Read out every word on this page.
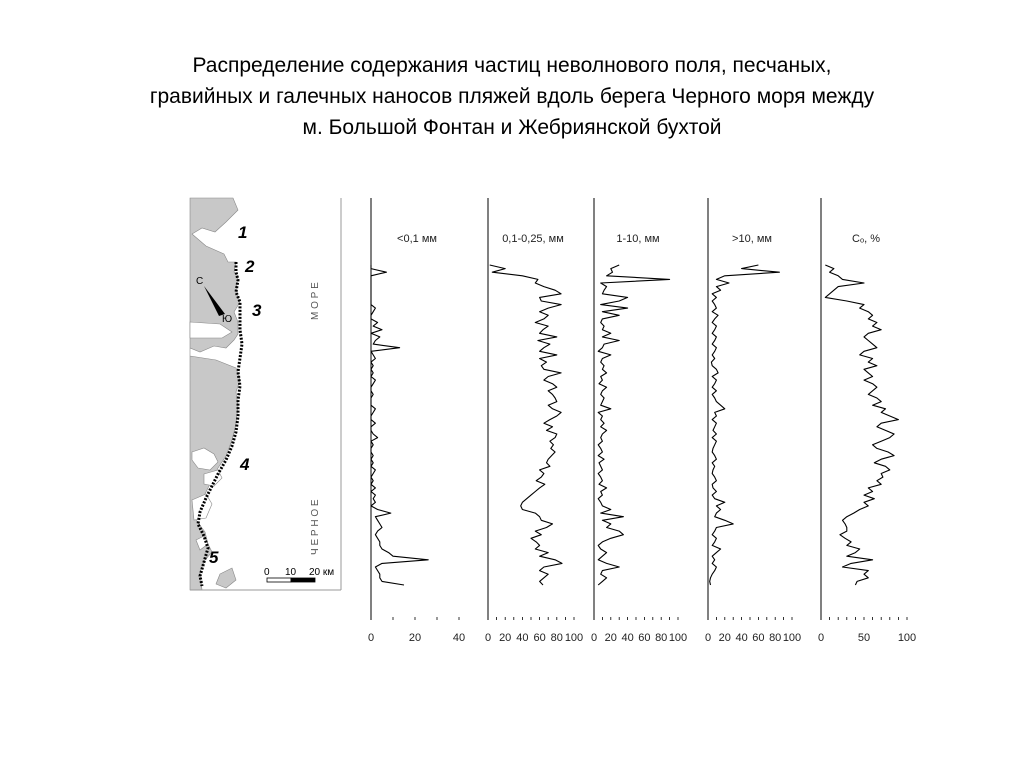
Распределение содержания частиц неволнового поля, песчаных,
гравийных и галечных наносов пляжей вдоль берега Черного моря между
м. Большой Фонтан и Жебриянской бухтой
1
2
3
4
5
С
Ю
0 10 20 км
М О Р Е
Ч Е Р Н О Е
0	20	40
<0,1 мм
0 20 40 60 80 100
0,1-0,25, мм
0 20 40 60 80 100
1-10, мм
0 20 40 60 80 100
>10, мм
0	50	100
Cₒ, %
